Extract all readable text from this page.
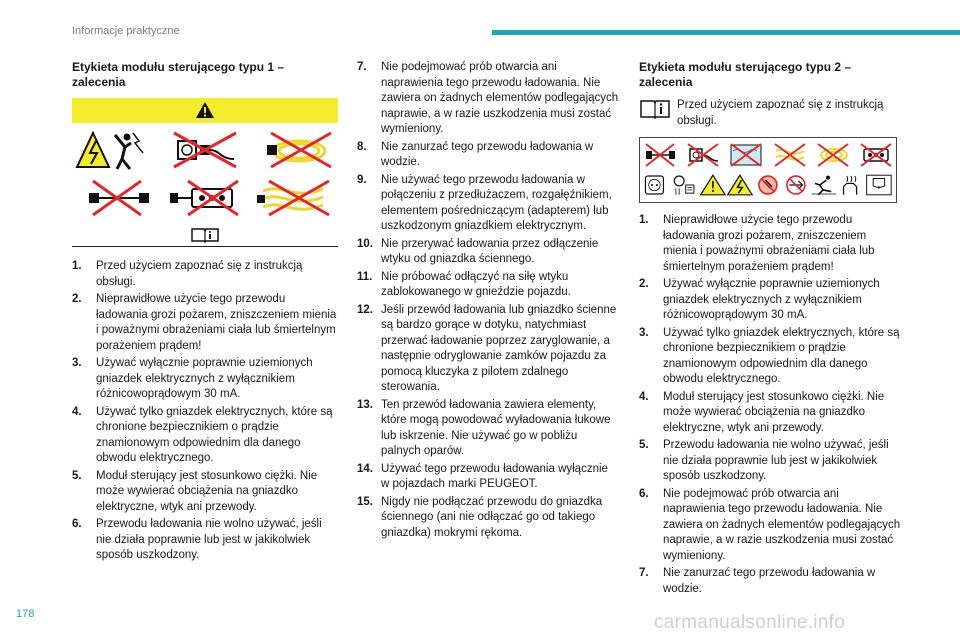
Informacje praktyczne
Etykieta modułu sterującego typu 1 – zalecenia
1.	Przed użyciem zapoznać się z instrukcją obsługi.
2.	Nieprawidłowe użycie tego przewodu ładowania grozi pożarem, zniszczeniem mienia i poważnymi obrażeniami ciała lub śmiertelnym porażeniem prądem!
3.	Używać wyłącznie poprawnie uziemionych gniazdek elektrycznych z wyłącznikiem różnicowoprądowym 30 mA.
4.	Używać tylko gniazdek elektrycznych, które są chronione bezpiecznikiem o prądzie znamionowym odpowiednim dla danego obwodu elektrycznego.
5.	Moduł sterujący jest stosunkowo ciężki. Nie może wywierać obciążenia na gniazdko elektryczne, wtyk ani przewody.
6.	Przewodu ładowania nie wolno używać, jeśli nie działa poprawnie lub jest w jakikolwiek sposób uszkodzony.
7.	Nie podejmować prób otwarcia ani naprawienia tego przewodu ładowania. Nie zawiera on żadnych elementów podlegających naprawie, a w razie uszkodzenia musi zostać wymieniony.
8.	Nie zanurzać tego przewodu ładowania w wodzie.
9.	Nie używać tego przewodu ładowania w połączeniu z przedłużaczem, rozgałęźnikiem, elementem pośredniczącym (adapterem) lub uszkodzonym gniazdkiem elektrycznym.
10. Nie przerywać ładowania przez odłączenie wtyku od gniazdka ściennego.
11. Nie próbować odłączyć na siłę wtyku zablokowanego w gnieździe pojazdu.
12. Jeśli przewód ładowania lub gniazdko ścienne są bardzo gorące w dotyku, natychmiast przerwać ładowanie poprzez zaryglowanie, a następnie odryglowanie zamków pojazdu za pomocą kluczyka z pilotem zdalnego sterowania.
13. Ten przewód ładowania zawiera elementy, które mogą powodować wyładowania łukowe lub iskrzenie. Nie używać go w pobliżu palnych oparów.
14. Używać tego przewodu ładowania wyłącznie w pojazdach marki PEUGEOT.
15. Nigdy nie podłączać przewodu do gniazdka ściennego (ani nie odłączać go od takiego gniazdka) mokrymi rękoma.
Etykieta modułu sterującego typu 2 – zalecenia
Przed użyciem zapoznać się z instrukcją obsługi.
1.	Nieprawidłowe użycie tego przewodu ładowania grozi pożarem, zniszczeniem mienia i poważnymi obrażeniami ciała lub śmiertelnym porażeniem prądem!
2.	Używać wyłącznie poprawnie uziemionych gniazdek elektrycznych z wyłącznikiem różnicowoprądowym 30 mA.
3.	Używać tylko gniazdek elektrycznych, które są chronione bezpiecznikiem o prądzie znamionowym odpowiednim dla danego obwodu elektrycznego.
4.	Moduł sterujący jest stosunkowo ciężki. Nie może wywierać obciążenia na gniazdko elektryczne, wtyk ani przewody.
5.	Przewodu ładowania nie wolno używać, jeśli nie działa poprawnie lub jest w jakikolwiek sposób uszkodzony.
6.	Nie podejmować prób otwarcia ani naprawienia tego przewodu ładowania. Nie zawiera on żadnych elementów podlegających naprawie, a w razie uszkodzenia musi zostać wymieniony.
7.	Nie zanurzać tego przewodu ładowania w wodzie.
178	carmanualsonline.info
